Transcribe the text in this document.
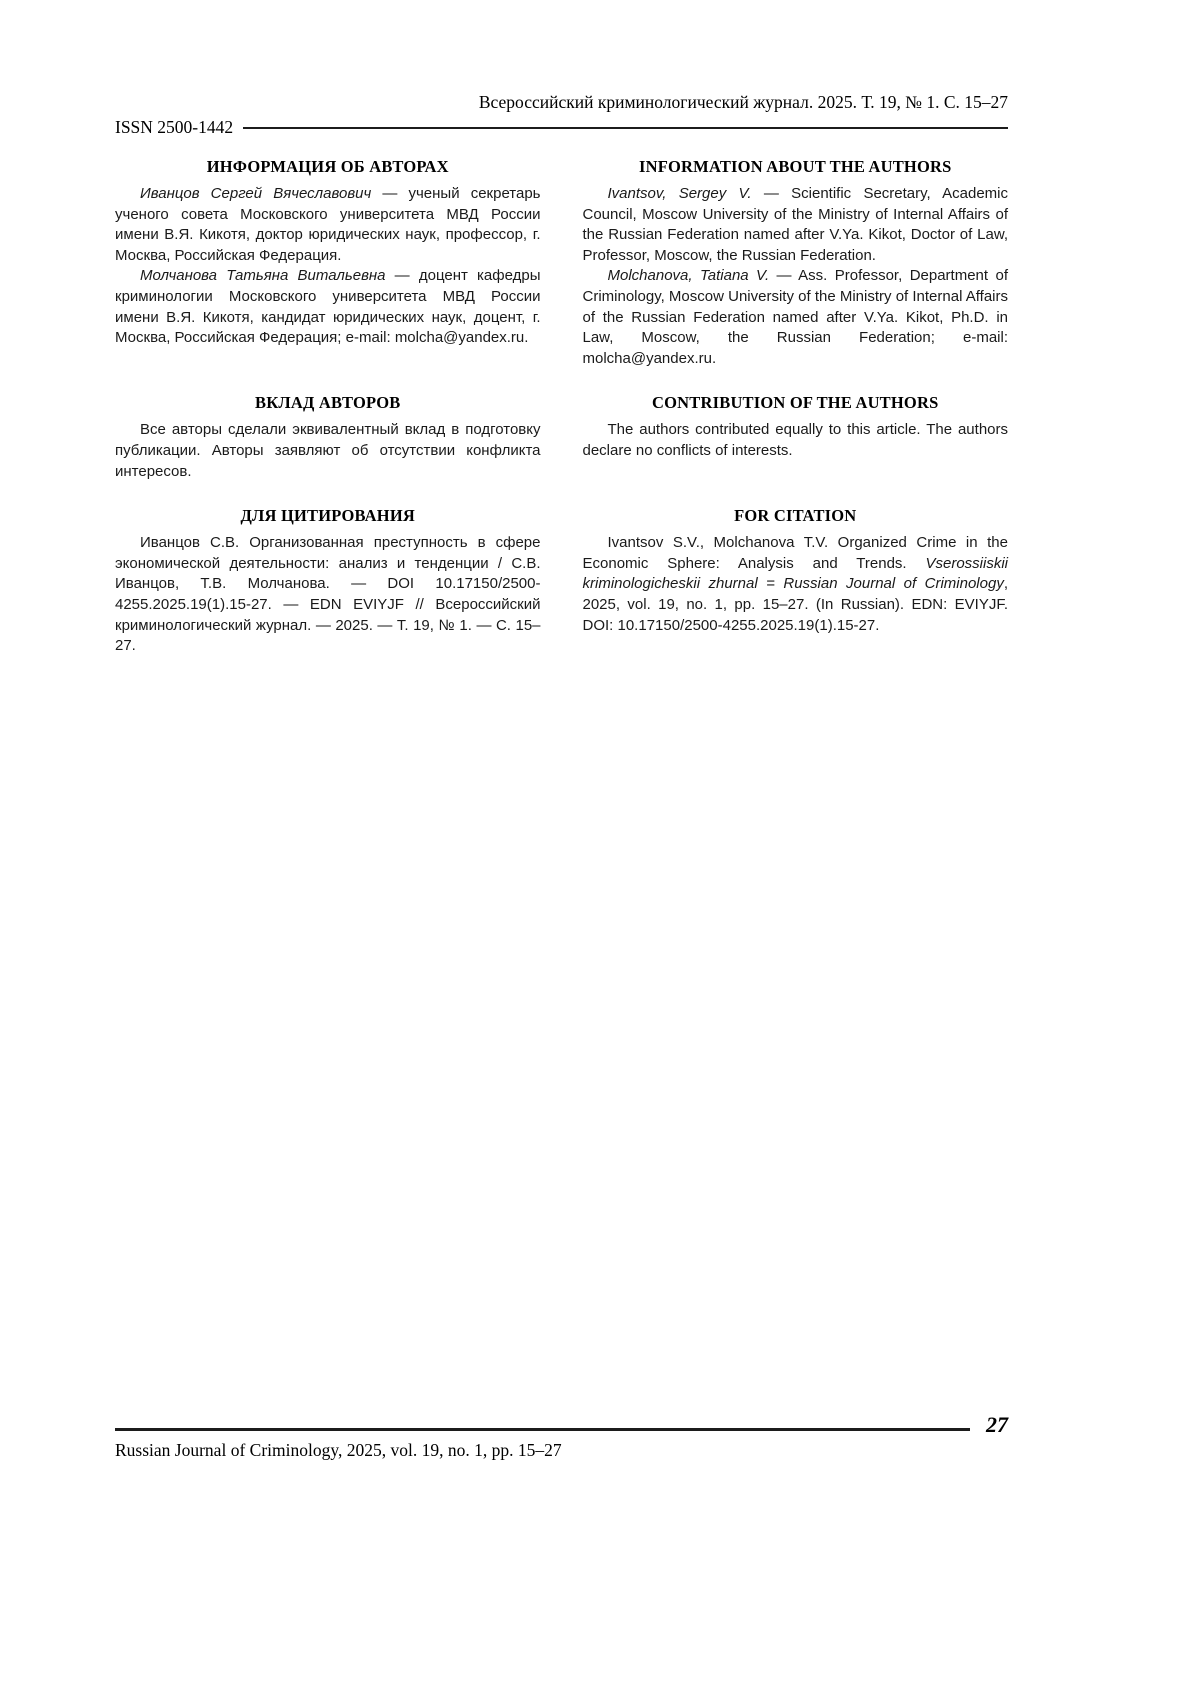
Всероссийский криминологический журнал. 2025. Т. 19, № 1. С. 15–27
ISSN 2500-1442
ИНФОРМАЦИЯ ОБ АВТОРАХ

Иванцов Сергей Вячеславович — ученый секретарь ученого совета Московского университета МВД России имени В.Я. Кикотя, доктор юридических наук, профессор, г. Москва, Российская Федерация.

Молчанова Татьяна Витальевна — доцент кафедры криминологии Московского университета МВД России имени В.Я. Кикотя, кандидат юридических наук, доцент, г. Москва, Российская Федерация; e-mail: molcha@yandex.ru.

INFORMATION ABOUT THE AUTHORS

Ivantsov, Sergey V. — Scientific Secretary, Academic Council, Moscow University of the Ministry of Internal Affairs of the Russian Federation named after V.Ya. Kikot, Doctor of Law, Professor, Moscow, the Russian Federation.

Molchanova, Tatiana V. — Ass. Professor, Department of Criminology, Moscow University of the Ministry of Internal Affairs of the Russian Federation named after V.Ya. Kikot, Ph.D. in Law, Moscow, the Russian Federation; e-mail: molcha@yandex.ru.

ВКЛАД АВТОРОВ

Все авторы сделали эквивалентный вклад в подготовку публикации. Авторы заявляют об отсутствии конфликта интересов.

CONTRIBUTION OF THE AUTHORS

The authors contributed equally to this article. The authors declare no conflicts of interests.

ДЛЯ ЦИТИРОВАНИЯ

Иванцов С.В. Организованная преступность в сфере экономической деятельности: анализ и тенденции / С.В. Иванцов, Т.В. Молчанова. — DOI 10.17150/2500-4255.2025.19(1).15-27. — EDN EVIYJF // Всероссийский криминологический журнал. — 2025. — Т. 19, № 1. — С. 15–27.

FOR CITATION

Ivantsov S.V., Molchanova T.V. Organized Crime in the Economic Sphere: Analysis and Trends. Vserossiiskii kriminologicheskii zhurnal = Russian Journal of Criminology, 2025, vol. 19, no. 1, pp. 15–27. (In Russian). EDN: EVIYJF. DOI: 10.17150/2500-4255.2025.19(1).15-27.

27
Russian Journal of Criminology, 2025, vol. 19, no. 1, pp. 15–27
